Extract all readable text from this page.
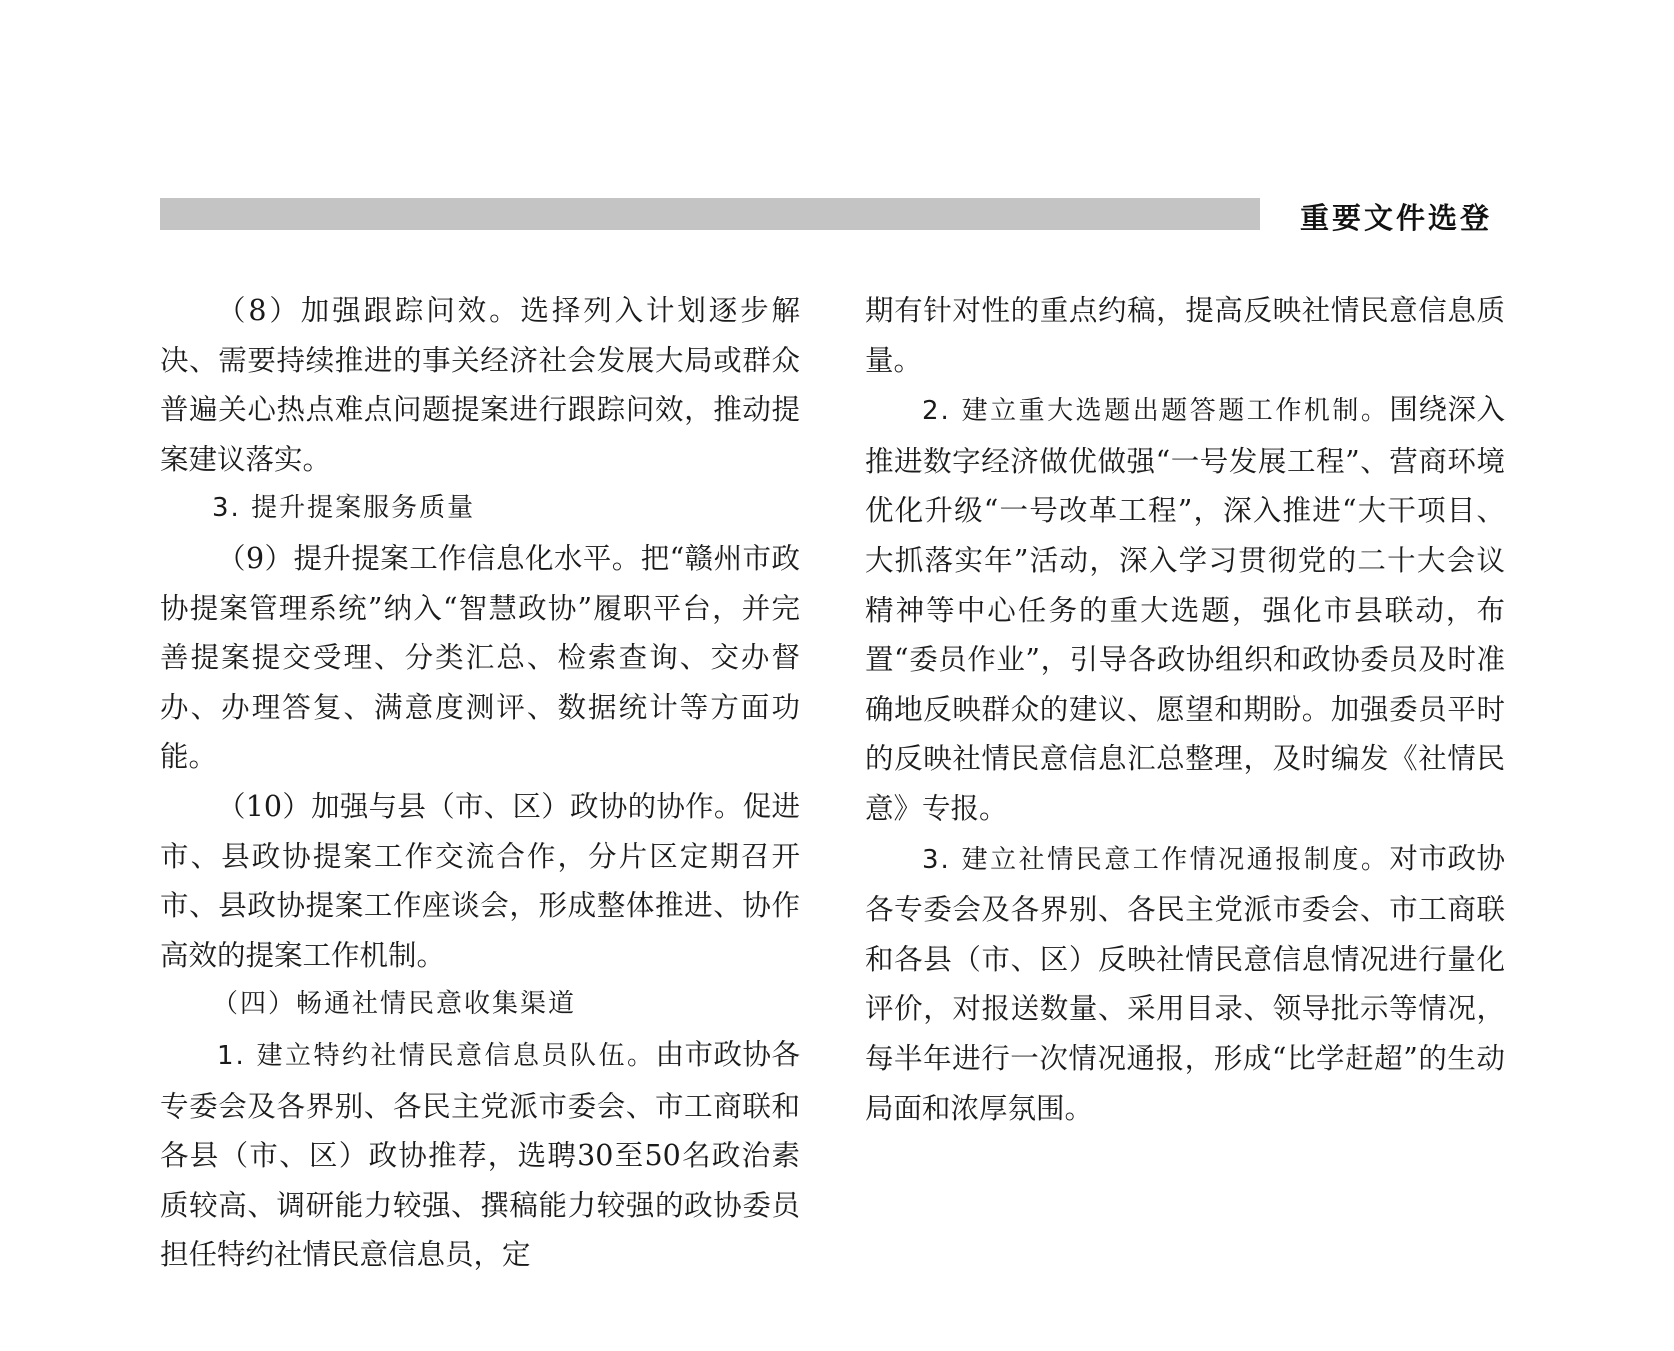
重要文件选登

（8）加强跟踪问效。选择列入计划逐步解决、需要持续推进的事关经济社会发展大局或群众普遍关心热点难点问题提案进行跟踪问效，推动提案建议落实。

3. 提升提案服务质量

（9）提升提案工作信息化水平。把“赣州市政协提案管理系统”纳入“智慧政协”履职平台，并完善提案提交受理、分类汇总、检索查询、交办督办、办理答复、满意度测评、数据统计等方面功能。

（10）加强与县（市、区）政协的协作。促进市、县政协提案工作交流合作，分片区定期召开市、县政协提案工作座谈会，形成整体推进、协作高效的提案工作机制。

（四）畅通社情民意收集渠道

1. 建立特约社情民意信息员队伍。由市政协各专委会及各界别、各民主党派市委会、市工商联和各县（市、区）政协推荐，选聘30至50名政治素质较高、调研能力较强、撰稿能力较强的政协委员担任特约社情民意信息员，定

期有针对性的重点约稿，提高反映社情民意信息质量。

2. 建立重大选题出题答题工作机制。围绕深入推进数字经济做优做强“一号发展工程”、营商环境优化升级“一号改革工程”，深入推进“大干项目、大抓落实年”活动，深入学习贯彻党的二十大会议精神等中心任务的重大选题，强化市县联动，布置“委员作业”，引导各政协组织和政协委员及时准确地反映群众的建议、愿望和期盼。加强委员平时的反映社情民意信息汇总整理，及时编发《社情民意》专报。

3. 建立社情民意工作情况通报制度。对市政协各专委会及各界别、各民主党派市委会、市工商联和各县（市、区）反映社情民意信息情况进行量化评价，对报送数量、采用目录、领导批示等情况，每半年进行一次情况通报，形成“比学赶超”的生动局面和浓厚氛围。
